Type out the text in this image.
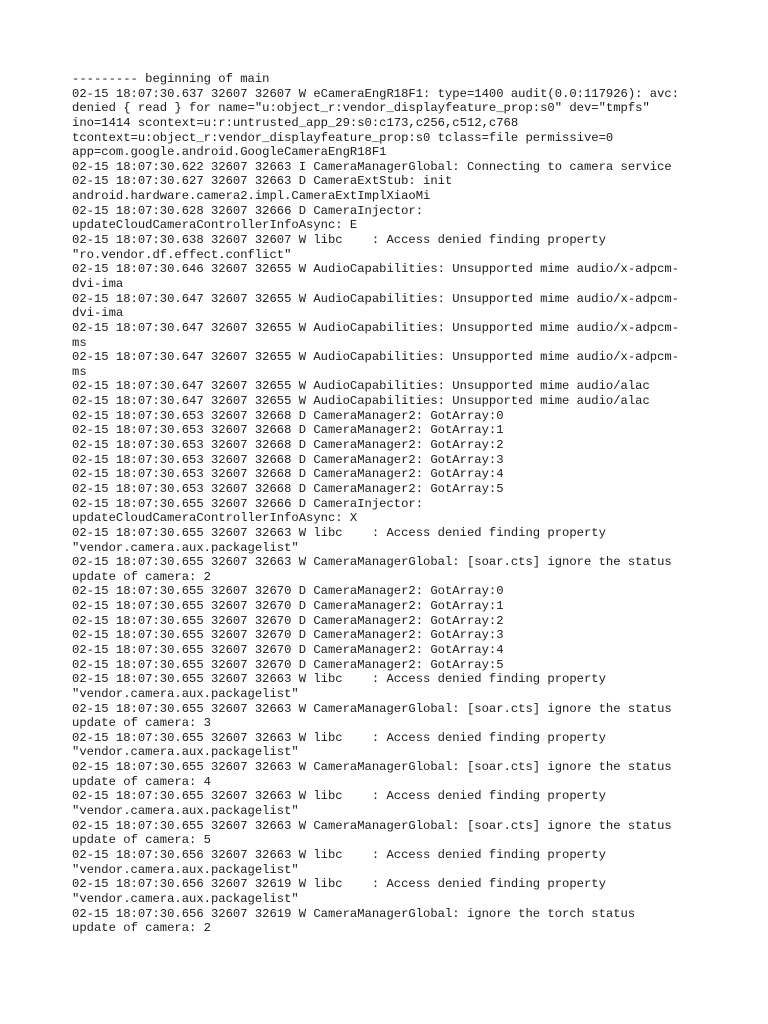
--------- beginning of main
02-15 18:07:30.637 32607 32607 W eCameraEngR18F1: type=1400 audit(0.0:117926): avc:
denied { read } for name="u:object_r:vendor_displayfeature_prop:s0" dev="tmpfs"
ino=1414 scontext=u:r:untrusted_app_29:s0:c173,c256,c512,c768
tcontext=u:object_r:vendor_displayfeature_prop:s0 tclass=file permissive=0
app=com.google.android.GoogleCameraEngR18F1
02-15 18:07:30.622 32607 32663 I CameraManagerGlobal: Connecting to camera service
02-15 18:07:30.627 32607 32663 D CameraExtStub: init
android.hardware.camera2.impl.CameraExtImplXiaoMi
02-15 18:07:30.628 32607 32666 D CameraInjector:
updateCloudCameraControllerInfoAsync: E
02-15 18:07:30.638 32607 32607 W libc    : Access denied finding property
"ro.vendor.df.effect.conflict"
02-15 18:07:30.646 32607 32655 W AudioCapabilities: Unsupported mime audio/x-adpcm-
dvi-ima
02-15 18:07:30.647 32607 32655 W AudioCapabilities: Unsupported mime audio/x-adpcm-
dvi-ima
02-15 18:07:30.647 32607 32655 W AudioCapabilities: Unsupported mime audio/x-adpcm-
ms
02-15 18:07:30.647 32607 32655 W AudioCapabilities: Unsupported mime audio/x-adpcm-
ms
02-15 18:07:30.647 32607 32655 W AudioCapabilities: Unsupported mime audio/alac
02-15 18:07:30.647 32607 32655 W AudioCapabilities: Unsupported mime audio/alac
02-15 18:07:30.653 32607 32668 D CameraManager2: GotArray:0
02-15 18:07:30.653 32607 32668 D CameraManager2: GotArray:1
02-15 18:07:30.653 32607 32668 D CameraManager2: GotArray:2
02-15 18:07:30.653 32607 32668 D CameraManager2: GotArray:3
02-15 18:07:30.653 32607 32668 D CameraManager2: GotArray:4
02-15 18:07:30.653 32607 32668 D CameraManager2: GotArray:5
02-15 18:07:30.655 32607 32666 D CameraInjector:
updateCloudCameraControllerInfoAsync: X
02-15 18:07:30.655 32607 32663 W libc    : Access denied finding property
"vendor.camera.aux.packagelist"
02-15 18:07:30.655 32607 32663 W CameraManagerGlobal: [soar.cts] ignore the status
update of camera: 2
02-15 18:07:30.655 32607 32670 D CameraManager2: GotArray:0
02-15 18:07:30.655 32607 32670 D CameraManager2: GotArray:1
02-15 18:07:30.655 32607 32670 D CameraManager2: GotArray:2
02-15 18:07:30.655 32607 32670 D CameraManager2: GotArray:3
02-15 18:07:30.655 32607 32670 D CameraManager2: GotArray:4
02-15 18:07:30.655 32607 32670 D CameraManager2: GotArray:5
02-15 18:07:30.655 32607 32663 W libc    : Access denied finding property
"vendor.camera.aux.packagelist"
02-15 18:07:30.655 32607 32663 W CameraManagerGlobal: [soar.cts] ignore the status
update of camera: 3
02-15 18:07:30.655 32607 32663 W libc    : Access denied finding property
"vendor.camera.aux.packagelist"
02-15 18:07:30.655 32607 32663 W CameraManagerGlobal: [soar.cts] ignore the status
update of camera: 4
02-15 18:07:30.655 32607 32663 W libc    : Access denied finding property
"vendor.camera.aux.packagelist"
02-15 18:07:30.655 32607 32663 W CameraManagerGlobal: [soar.cts] ignore the status
update of camera: 5
02-15 18:07:30.656 32607 32663 W libc    : Access denied finding property
"vendor.camera.aux.packagelist"
02-15 18:07:30.656 32607 32619 W libc    : Access denied finding property
"vendor.camera.aux.packagelist"
02-15 18:07:30.656 32607 32619 W CameraManagerGlobal: ignore the torch status
update of camera: 2
